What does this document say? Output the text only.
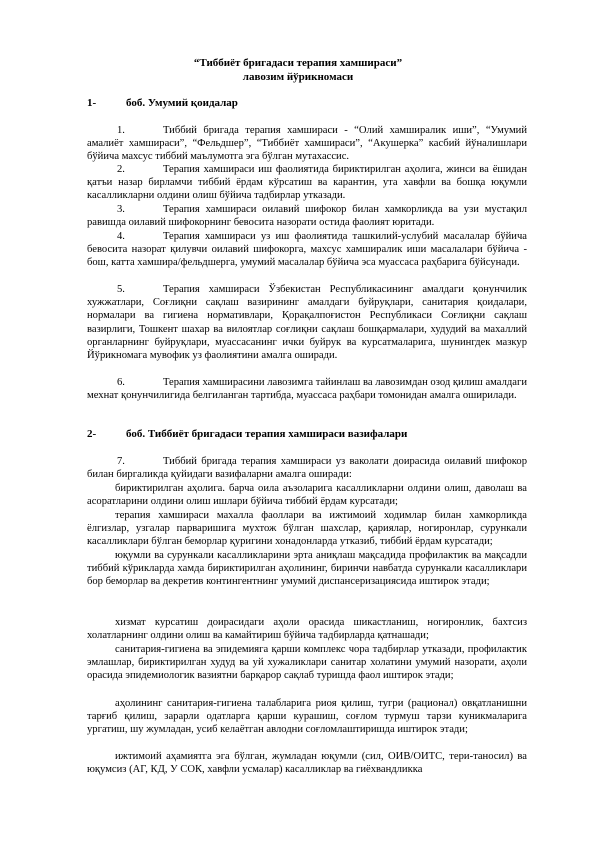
“Тиббиёт бригадаси терапия хамшираси”
лавозим йўрикномаси
1-	боб. Умумий қоидалар
1.	Тиббий бригада терапия хамшираси - “Олий хамширалик иши”, “Умумий амалиёт хамшираси”, “Фельдшер”, “Тиббиёт хамшираси”, “Акушерка” касбий йўналишлари бўйича махсус тиббий маълумотга эга бўлган мутахассис.
2.	Терапия хамшираси иш фаолиятида бириктирилган аҳолига, жинси ва ёшидан қатъи назар бирламчи тиббий ёрдам кўрсатиш ва карантин, ута хавфли ва бошқа юқумли касалликларни олдини олиш бўйича тадбирлар утказади.
3.	Терапия хамшираси оилавий шифокор билан хамкорликда ва узи мустақил равишда оилавий шифокорнинг бевосита назорати остида фаолият юритади.
4.	Терапия хамшираси уз иш фаолиятида ташкилий-услубий масалалар бўйича бевосита назорат қилувчи оилавий шифокорга, махсус хамширалик иши масалалари бўйича - бош, катта хамшира/фельдшерга, умумий масалалар бўйича эса муассаса раҳбарига бўйсунади.
5.	Терапия хамшираси Ўзбекистан Республикасининг амалдаги қонунчилик хужжатлари, Соғлиқни сақлаш вазирининг амалдаги буйруқлари, санитария қоидалари, нормалари ва гигиена нормативлари, Қорақалпоғистон Республикаси Соғлиқни сақлаш вазирлиги, Тошкент шахар ва вилоятлар соғлиқни сақлаш бошқармалари, худудий ва махаллий органларнинг буйруқлари, муассасанинг ички буйрук ва курсатмаларига, шунингдек мазкур Йўрикномага мувофик уз фаолиятини амалга оширади.
6.	Терапия хамширасини лавозимга тайинлаш ва лавозимдан озод қилиш амалдаги мехнат қонунчилигида белгиланган тартибда, муассаса раҳбари томонидан амалга оширилади.
2-	боб. Тиббиёт бригадаси терапия хамшираси вазифалари
7.	Тиббий бригада терапия хамшираси уз ваколати доирасида оилавий шифокор билан биргаликда қуйидаги вазифаларни амалга оширади:
бириктирилган аҳолига. барча оила аъзоларига касалликларни олдини олиш, даволаш ва асоратларини олдини олиш ишлари бўйича тиббий ёрдам курсатади;
терапия хамшираси махалла фаоллари ва ижтимоий ходимлар билан хамкорликда ёлгизлар, узгалар парваришига мухтож бўлган шахслар, қариялар, ногиронлар, сурункали касалликлари бўлган беморлар қуригини хонадонларда утказиб, тиббий ёрдам курсатади;
юқумли ва сурункали касалликларини эрта аниқлаш мақсадида профилактик ва мақсадли тиббий кўрикларда хамда бириктирилган аҳолининг, биринчи навбатда сурункали касалликлари бор беморлар ва декретив контингентнинг умумий диспансеризациясида иштирок этади;
хизмат курсатиш доирасидаги аҳоли орасида шикастланиш, ногиронлик, бахтсиз холатларнинг олдини олиш ва камайтириш бўйича тадбирларда қатнашади;
санитария-гигиена ва эпидемияга қарши комплекс чора тадбирлар утказади, профилактик эмлашлар, бириктирилган худуд ва уй хужаликлари санитар холатини умумий назорати, аҳоли орасида эпидемиологик вазиятни барқарор сақлаб туришда фаол иштирок этади;
аҳолининг санитария-гигиена талабларига риоя қилиш, тугри (рационал) овқатланишни тарғиб қилиш, зарарли одатларга қарши курашиш, соғлом турмуш тарзи куникмаларига ургатиш, шу жумладан, усиб келаётган авлодни соғломлаштиришда иштирок этади;
ижтимоий аҳамиятга эга бўлган, жумладан юқумли (сил, ОИВ/ОИТС, тери-таносил) ва юқумсиз (АГ, КД, У СОК, хавфли усмалар) касалликлар ва гиёхвандликка
